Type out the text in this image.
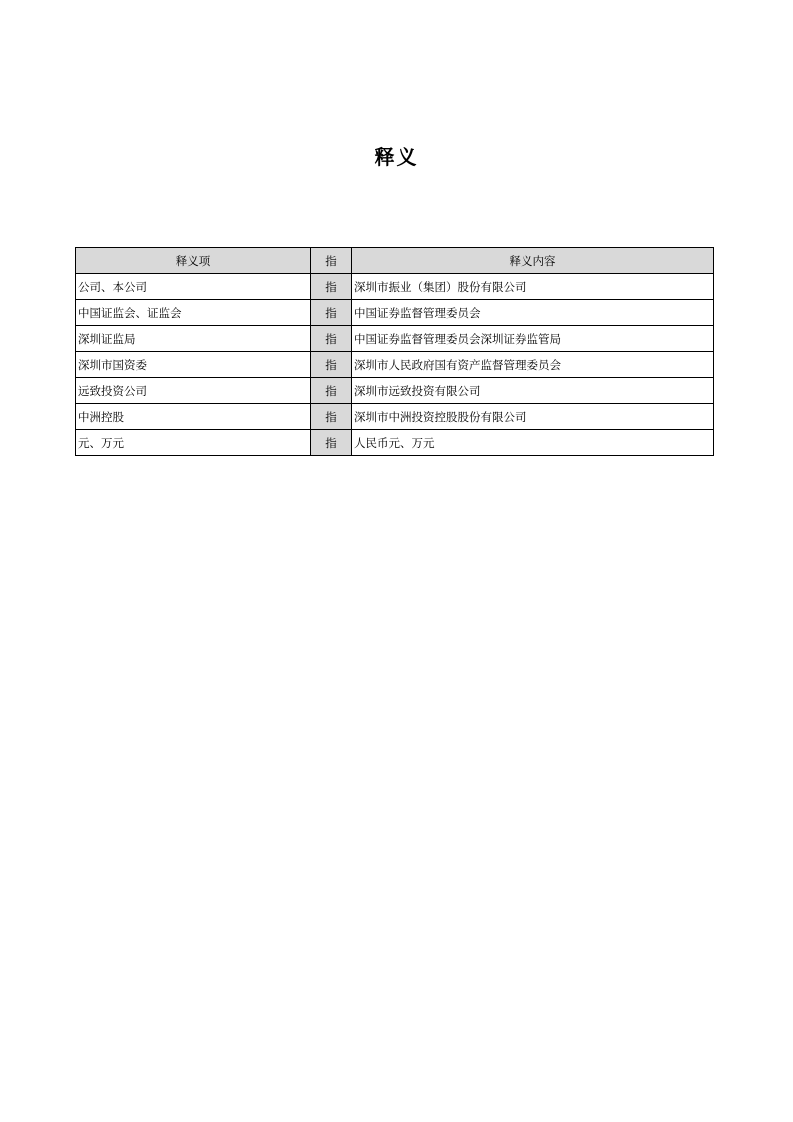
释义
释义项	指	释义内容
公司、本公司	指	深圳市振业（集团）股份有限公司
中国证监会、证监会	指	中国证券监督管理委员会
深圳证监局	指	中国证券监督管理委员会深圳证券监管局
深圳市国资委	指	深圳市人民政府国有资产监督管理委员会
远致投资公司	指	深圳市远致投资有限公司
中洲控股	指	深圳市中洲投资控股股份有限公司
元、万元	指	人民币元、万元
